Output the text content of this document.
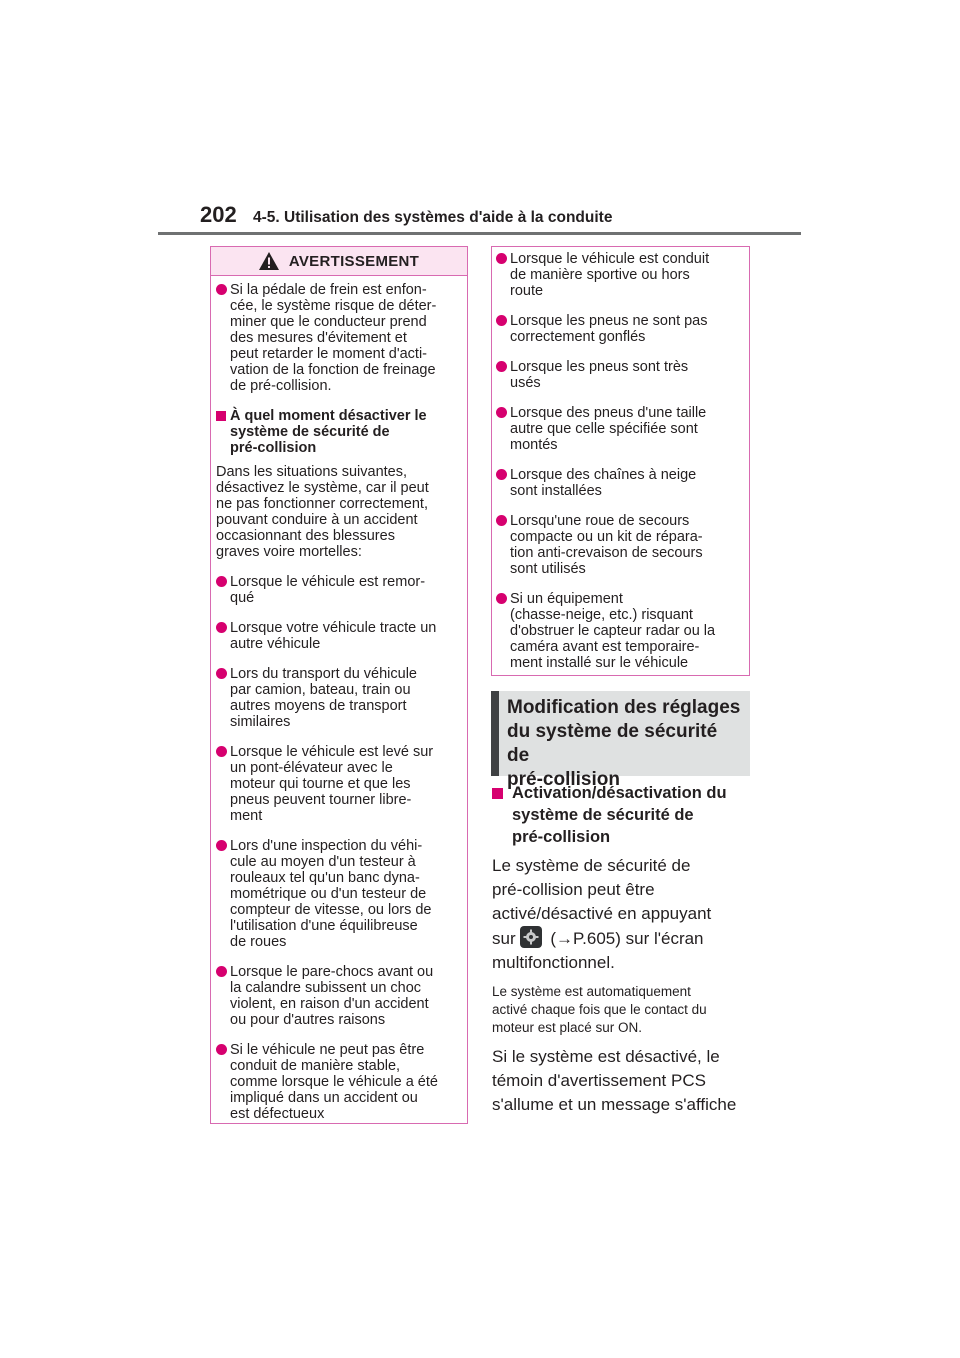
202 4-5. Utilisation des systèmes d'aide à la conduite
AVERTISSEMENT
Si la pédale de frein est enfon-
cée, le système risque de déter-
miner que le conducteur prend
des mesures d'évitement et
peut retarder le moment d'acti-
vation de la fonction de freinage
de pré-collision.
À quel moment désactiver le
système de sécurité de
pré-collision
Dans les situations suivantes,
désactivez le système, car il peut
ne pas fonctionner correctement,
pouvant conduire à un accident
occasionnant des blessures
graves voire mortelles:
Lorsque le véhicule est remor-
qué
Lorsque votre véhicule tracte un
autre véhicule
Lors du transport du véhicule
par camion, bateau, train ou
autres moyens de transport
similaires
Lorsque le véhicule est levé sur
un pont-élévateur avec le
moteur qui tourne et que les
pneus peuvent tourner libre-
ment
Lors d'une inspection du véhi-
cule au moyen d'un testeur à
rouleaux tel qu'un banc dyna-
mométrique ou d'un testeur de
compteur de vitesse, ou lors de
l'utilisation d'une équilibreuse
de roues
Lorsque le pare-chocs avant ou
la calandre subissent un choc
violent, en raison d'un accident
ou pour d'autres raisons
Si le véhicule ne peut pas être
conduit de manière stable,
comme lorsque le véhicule a été
impliqué dans un accident ou
est défectueux
Lorsque le véhicule est conduit
de manière sportive ou hors
route
Lorsque les pneus ne sont pas
correctement gonflés
Lorsque les pneus sont très
usés
Lorsque des pneus d'une taille
autre que celle spécifiée sont
montés
Lorsque des chaînes à neige
sont installées
Lorsqu'une roue de secours
compacte ou un kit de répara-
tion anti-crevaison de secours
sont utilisés
Si un équipement
(chasse-neige, etc.) risquant
d'obstruer le capteur radar ou la
caméra avant est temporaire-
ment installé sur le véhicule
Modification des réglages
du système de sécurité de
pré-collision
Activation/désactivation du
système de sécurité de
pré-collision
Le système de sécurité de
pré-collision peut être
activé/désactivé en appuyant
sur
(→P.605) sur l'écran
multifonctionnel.
Le système est automatiquement
activé chaque fois que le contact du
moteur est placé sur ON.
Si le système est désactivé, le
témoin d'avertissement PCS
s'allume et un message s'affiche
